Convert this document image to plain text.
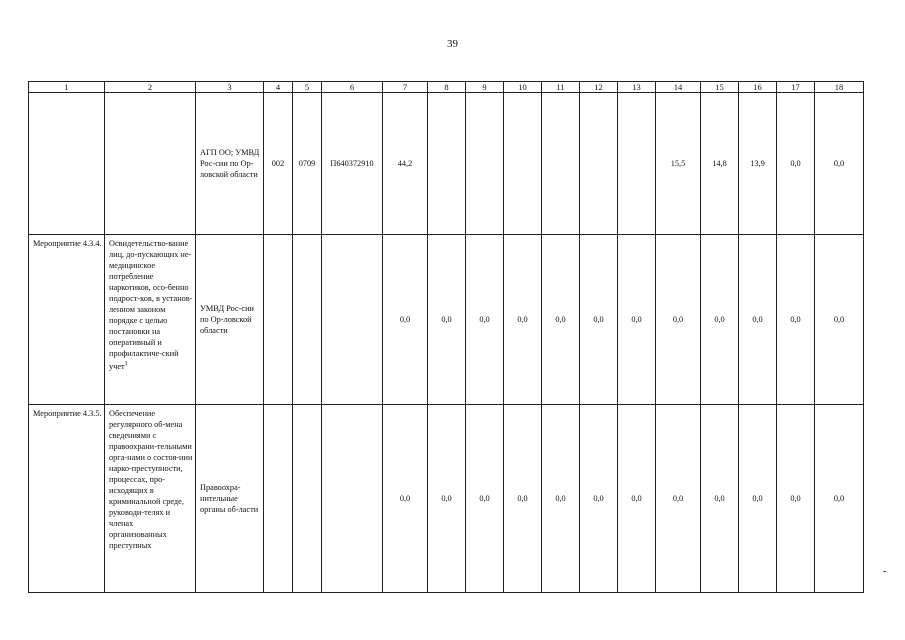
39
1	2	3	4	5	6	7	8	9	10	11	12	13	14	15	16	17	18
		АГП ОО; УМВД Рос-сии по Ор-ловской области	002	0709	П640372910	44,2							15,5	14,8	13,9	0,0	0,0
Мероприятие 4.3.4.	Освидетельство-вание лиц, до-пускающих не-медицинское потребление наркотиков, осо-бенно подрост-ков, в установ-ленном законом порядке с целью постановки на оперативный и профилактиче-ский учет$^1$	УМВД Рос-сии по Ор-ловской области				0,0	0,0	0,0	0,0	0,0	0,0	0,0	0,0	0,0	0,0	0,0	0,0
Мероприятие 4.3.5.	Обеспечение регулярного об-мена сведениями с правоохрани-тельными орга-нами о состоя-нии нарко-преступности, процессах, про-исходящих в криминальной среде, руководи-телях и членах организованных преступных	Правоохра-нительные органы об-ласти				0,0	0,0	0,0	0,0	0,0	0,0	0,0	0,0	0,0	0,0	0,0	0,0
-
